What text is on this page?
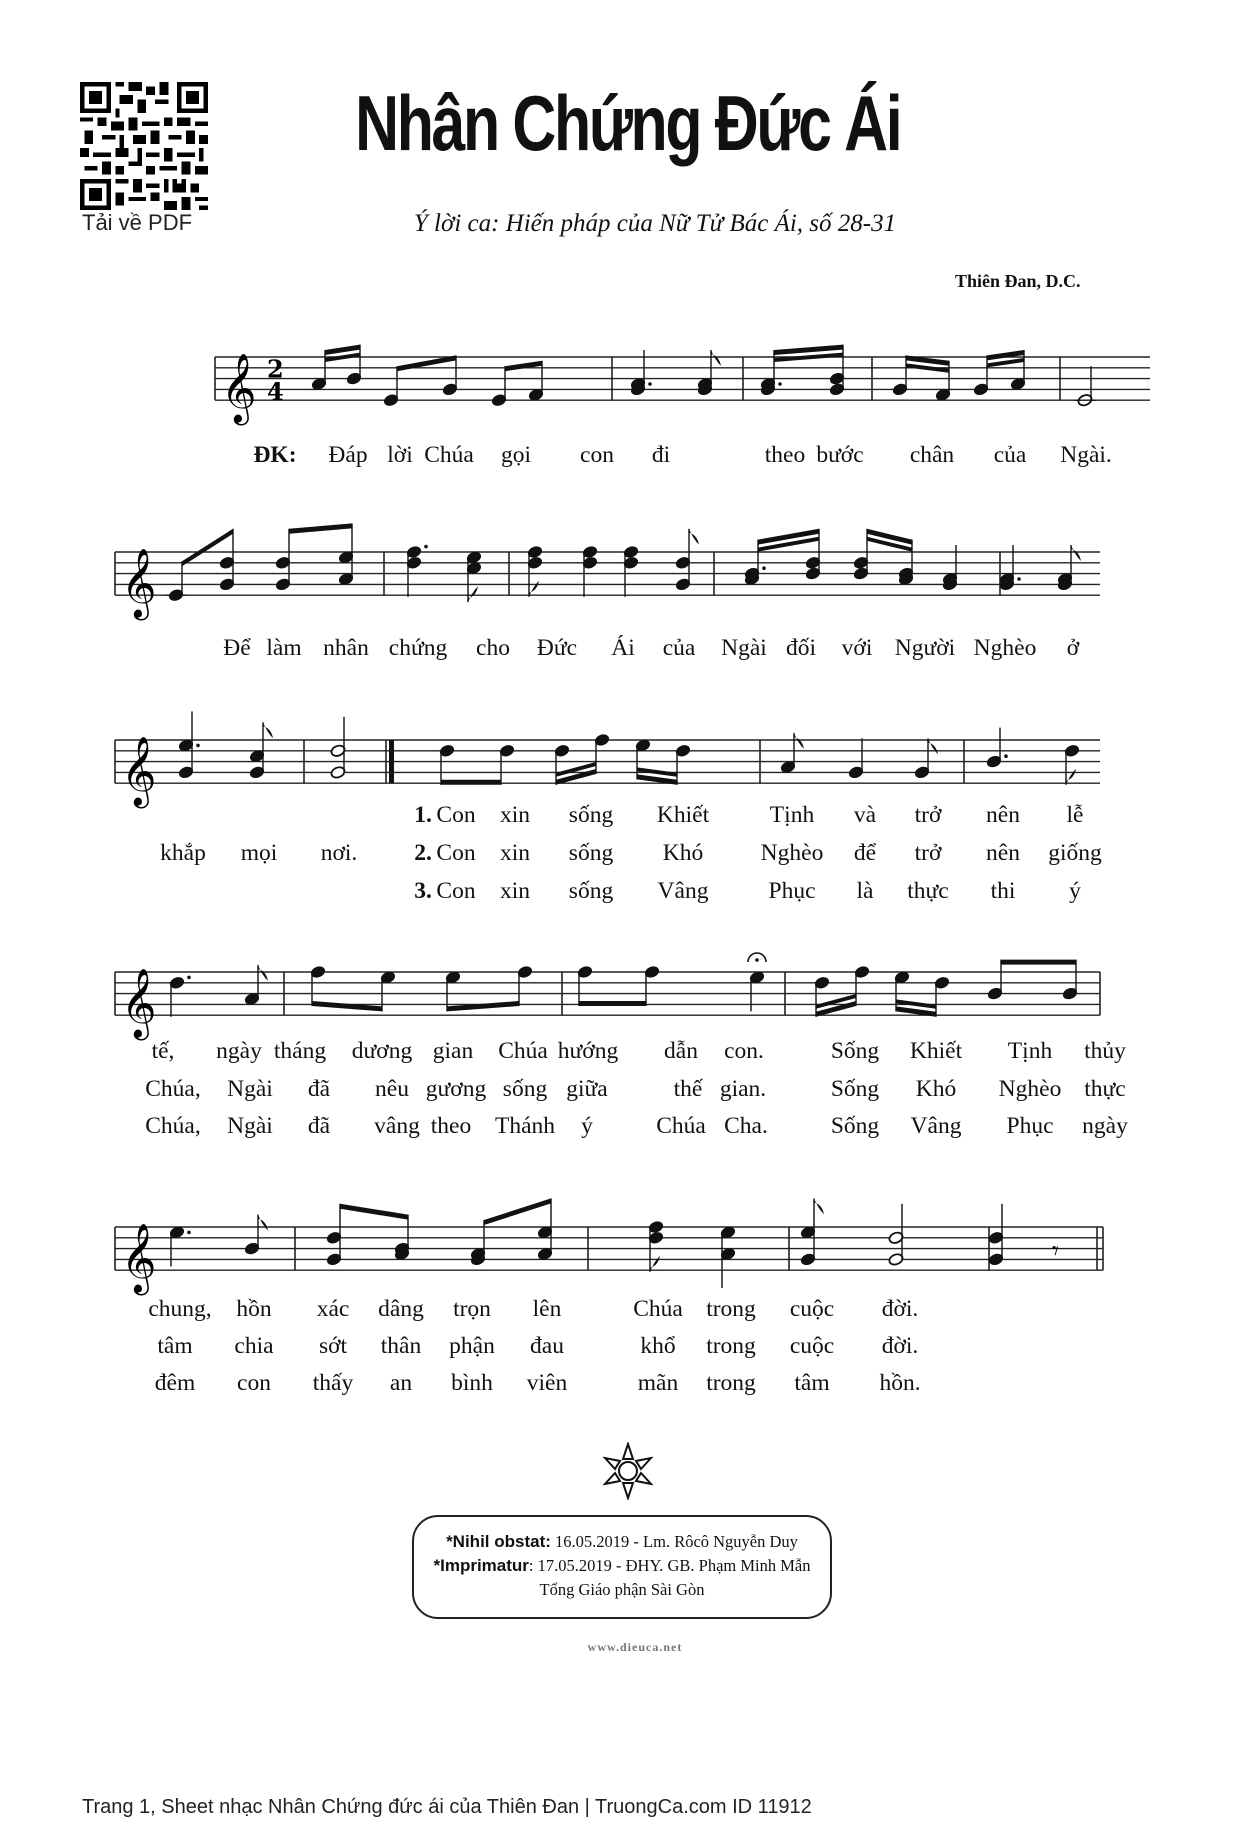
Tải về PDF
Nhân Chứng Đức Ái
Ý lời ca: Hiến pháp của Nữ Tử Bác Ái, số 28-31
Thiên Đan, D.C.
𝄞 2
4
ĐK: Đáp lời Chúa gọi con đi	theo bước chân của Ngài.
𝄞
Để làm nhân chứng cho Đức Ái của Ngài đối với Người Nghèo ở
𝄞
1. Con xin sống Khiết	Tịnh và trở nên lễ
khắp mọi nơi. 2. Con xin sống Khó Nghèo để trở nên giống
3. Con xin sống Vâng	Phục là thực thi ý
𝄞
tế, ngày tháng dương gian Chúa hướng dẫn con.	Sống Khiết Tịnh thủy
Chúa, Ngài đã nêu gương sống giữa	thế gian.	Sống Khó Nghèo thực
Chúa, Ngài đã vâng theo Thánh ý	Chúa Cha.	Sống Vâng Phục ngày
𝄞	𝄾
chung, hồn xác dâng trọn lên	Chúa trong cuộc đời.
tâm chia sớt thân phận đau	khổ trong cuộc đời.
đêm con thấy an bình viên	mãn trong tâm hồn.
*Nihil obstat: 16.05.2019 - Lm. Rôcô Nguyễn Duy
*Imprimatur: 17.05.2019 - ĐHY. GB. Phạm Minh Mẫn
Tổng Giáo phận Sài Gòn
www.dieuca.net
Trang 1, Sheet nhạc Nhân Chứng đức ái của Thiên Đan | TruongCa.com ID 11912
